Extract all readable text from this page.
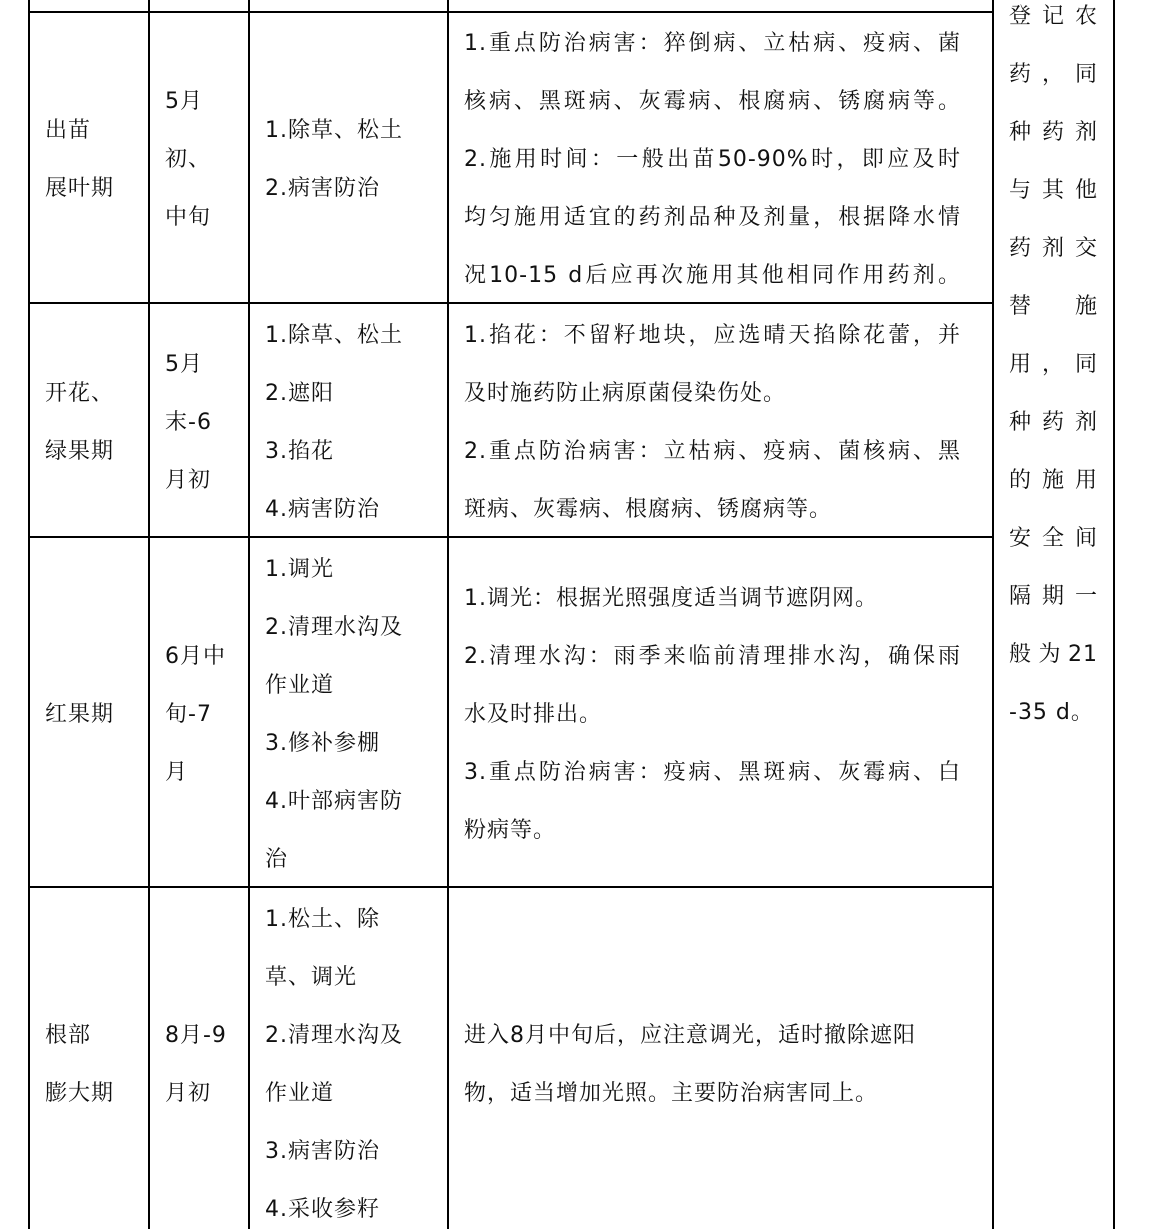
出苗
展叶期
5月
初、
中旬
1.除草、松土
2.病害防治
1.重点防治病害：猝倒病、立枯病、疫病、菌
核病、黑斑病、灰霉病、根腐病、锈腐病等。
2.施用时间：一般出苗50-90%时，即应及时
均匀施用适宜的药剂品种及剂量，根据降水情
况10-15 d后应再次施用其他相同作用药剂。
开花、
绿果期
5月
末-6
月初
1.除草、松土
2.遮阳
3.掐花
4.病害防治
1.掐花：不留籽地块，应选晴天掐除花蕾，并
及时施药防止病原菌侵染伤处。
2.重点防治病害：立枯病、疫病、菌核病、黑
斑病、灰霉病、根腐病、锈腐病等。
红果期
6月中
旬-7
月
1.调光
2.清理水沟及
作业道
3.修补参棚
4.叶部病害防
治
1.调光：根据光照强度适当调节遮阴网。
2.清理水沟：雨季来临前清理排水沟，确保雨
水及时排出。
3.重点防治病害：疫病、黑斑病、灰霉病、白
粉病等。
根部
膨大期
8月-9
月初
1.松土、除
草、调光
2.清理水沟及
作业道
3.病害防治
4.采收参籽
进入8月中旬后，应注意调光，适时撤除遮阳
物，适当增加光照。主要防治病害同上。
登记农
药，同
种药剂
与其他
药剂交
替　施
用，同
种药剂
的施用
安全间
隔期一
般为21
-35 d。
